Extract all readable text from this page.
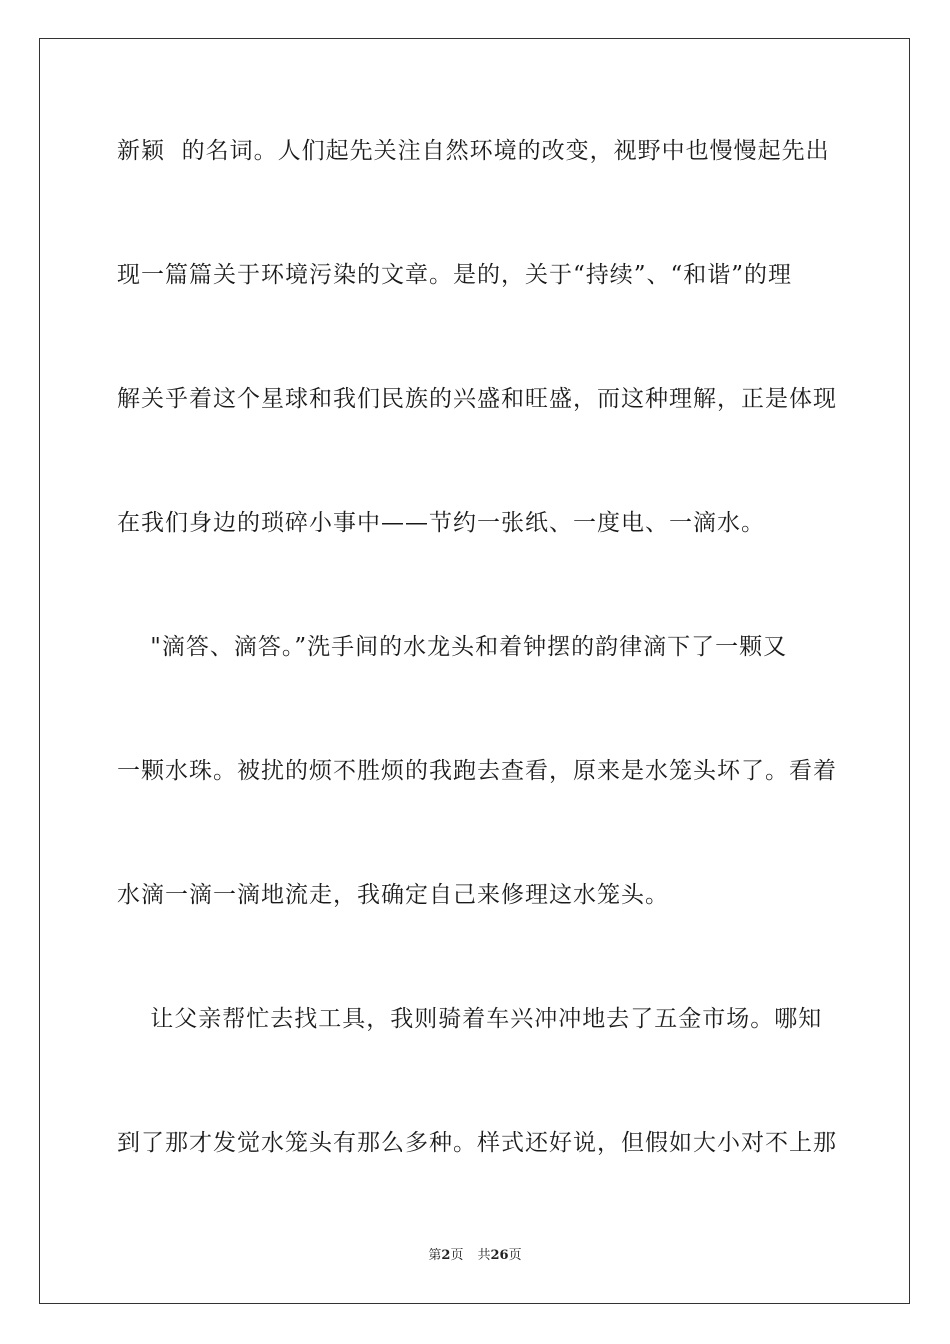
新颖  的名词。人们起先关注自然环境的改变，视野中也慢慢起先出
现一篇篇关于环境污染的文章。是的，关于“持续”、“和谐”的理
解关乎着这个星球和我们民族的兴盛和旺盛，而这种理解，正是体现
在我们身边的琐碎小事中——节约一张纸、一度电、一滴水。
"滴答、滴答。”洗手间的水龙头和着钟摆的韵律滴下了一颗又
一颗水珠。被扰的烦不胜烦的我跑去查看，原来是水笼头坏了。看着
水滴一滴一滴地流走，我确定自己来修理这水笼头。
让父亲帮忙去找工具，我则骑着车兴冲冲地去了五金市场。哪知
到了那才发觉水笼头有那么多种。样式还好说，但假如大小对不上那
第2页 共26页
